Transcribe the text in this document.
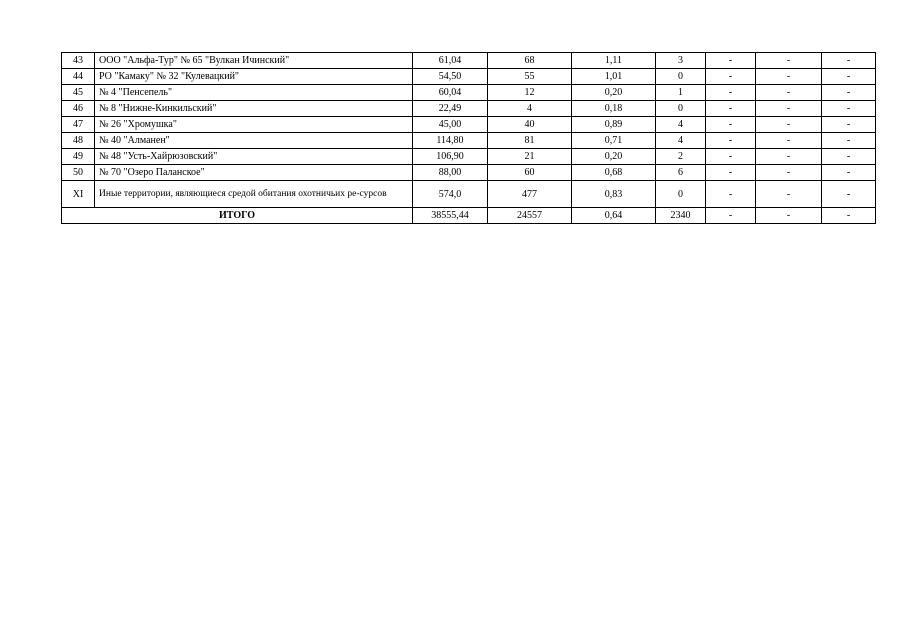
43	ООО "Альфа-Тур" № 65 "Вулкан Ичинский"	61,04	68	1,11	3	-	-	-
44	РО "Камаку" № 32 "Кулевацкий"	54,50	55	1,01	0	-	-	-
45	№ 4 "Пенсепель"	60,04	12	0,20	1	-	-	-
46	№ 8 "Нижне-Кинкильский"	22,49	4	0,18	0	-	-	-
47	№ 26 "Хромушка"	45,00	40	0,89	4	-	-	-
48	№ 40 "Алманен"	114,80	81	0,71	4	-	-	-
49	№ 48 "Усть-Хайрюзовский"	106,90	21	0,20	2	-	-	-
50	№ 70 "Озеро Паланское"	88,00	60	0,68	6	-	-	-
XI	Иные территории, являющиеся средой обитания охотничьих ре-сурсов	574,0	477	0,83	0	-	-	-
ИТОГО		38555,44	24557	0,64	2340	-	-	-
